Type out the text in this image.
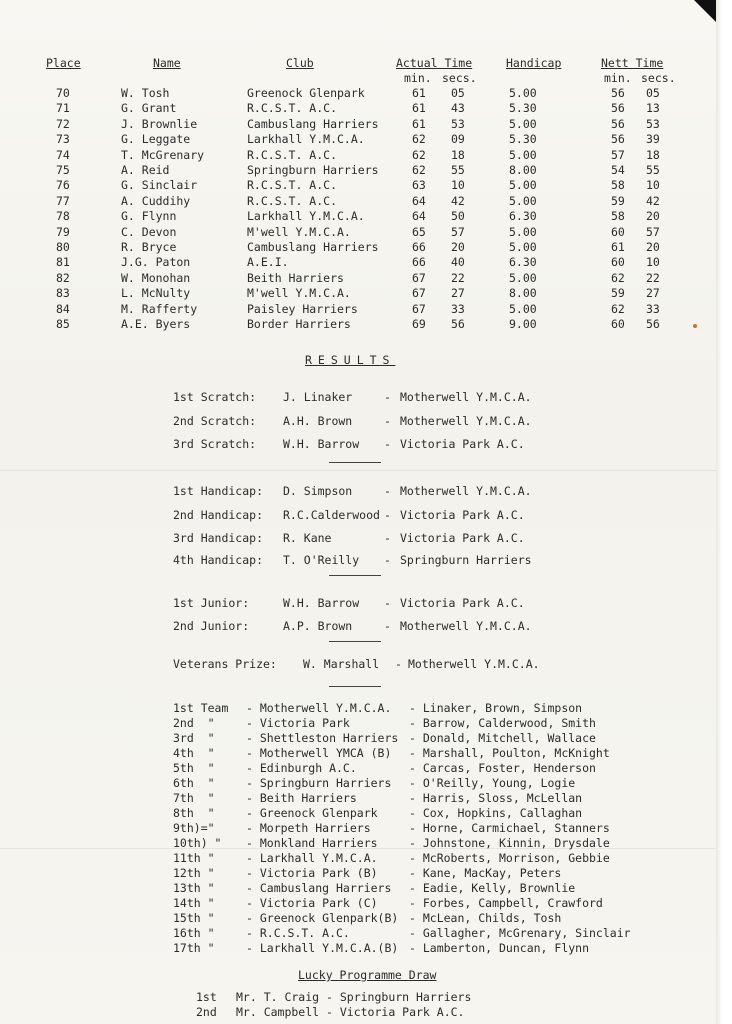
Place	Name	Club	Actual Time	Handicap	Nett Time
min. secs.	min. secs.
70	W. Tosh	Greenock Glenpark	61 05	5.00	56 05
71	G. Grant	R.C.S.T. A.C.	61 43	5.30	56 13
72	J. Brownlie	Cambuslang Harriers	61 53	5.00	56 53
73	G. Leggate	Larkhall Y.M.C.A.	62 09	5.30	56 39
74	T. McGrenary	R.C.S.T. A.C.	62 18	5.00	57 18
75	A. Reid	Springburn Harriers	62 55	8.00	54 55
76	G. Sinclair	R.C.S.T. A.C.	63 10	5.00	58 10
77	A. Cuddihy	R.C.S.T. A.C.	64 42	5.00	59 42
78	G. Flynn	Larkhall Y.M.C.A.	64 50	6.30	58 20
79	C. Devon	M'well Y.M.C.A.	65 57	5.00	60 57
80	R. Bryce	Cambuslang Harriers	66 20	5.00	61 20
81	J.G. Paton	A.E.I.	66 40	6.30	60 10
82	W. Monohan	Beith Harriers	67 22	5.00	62 22
83	L. McNulty	M'well Y.M.C.A.	67 27	8.00	59 27
84	M. Rafferty	Paisley Harriers	67 33	5.00	62 33
85	A.E. Byers	Border Harriers	69 56	9.00	60 56
RESULTS
1st Scratch: J. Linaker	- Motherwell Y.M.C.A.
2nd Scratch: A.H. Brown	- Motherwell Y.M.C.A.
3rd Scratch: W.H. Barrow - Victoria Park A.C.
1st Handicap: D. Simpson	- Motherwell Y.M.C.A.
2nd Handicap: R.C.Calderwood - Victoria Park A.C.
3rd Handicap: R. Kane	- Victoria Park A.C.
4th Handicap: T. O'Reilly - Springburn Harriers
1st Junior:	W.H. Barrow - Victoria Park A.C.
2nd Junior:	A.P. Brown	- Motherwell Y.M.C.A.
Veterans Prize: W. Marshall - Motherwell Y.M.C.A.
1st Team - Motherwell Y.M.C.A. - Linaker, Brown, Simpson
2nd  "	- Victoria Park	- Barrow, Calderwood, Smith
3rd  "	- Shettleston Harriers - Donald, Mitchell, Wallace
4th  "	- Motherwell YMCA (B) - Marshall, Poulton, McKnight
5th  "	- Edinburgh A.C.	- Carcas, Foster, Henderson
6th  "	- Springburn Harriers - O'Reilly, Young, Logie
7th  "	- Beith Harriers	- Harris, Sloss, McLellan
8th  "	- Greenock Glenpark	- Cox, Hopkins, Callaghan
9th)="	- Morpeth Harriers	- Horne, Carmichael, Stanners
10th) " - Monkland Harriers	- Johnstone, Kinnin, Drysdale
11th "	- Larkhall Y.M.C.A.	- McRoberts, Morrison, Gebbie
12th "	- Victoria Park (B)	- Kane, MacKay, Peters
13th "	- Cambuslang Harriers - Eadie, Kelly, Brownlie
14th "	- Victoria Park (C)	- Forbes, Campbell, Crawford
15th "	- Greenock Glenpark(B) - McLean, Childs, Tosh
16th "	- R.C.S.T. A.C.	- Gallagher, McGrenary, Sinclair
17th "	- Larkhall Y.M.C.A.(B) - Lamberton, Duncan, Flynn
Lucky Programme Draw
1st Mr. T. Craig - Springburn Harriers
2nd Mr. Campbell - Victoria Park A.C.
